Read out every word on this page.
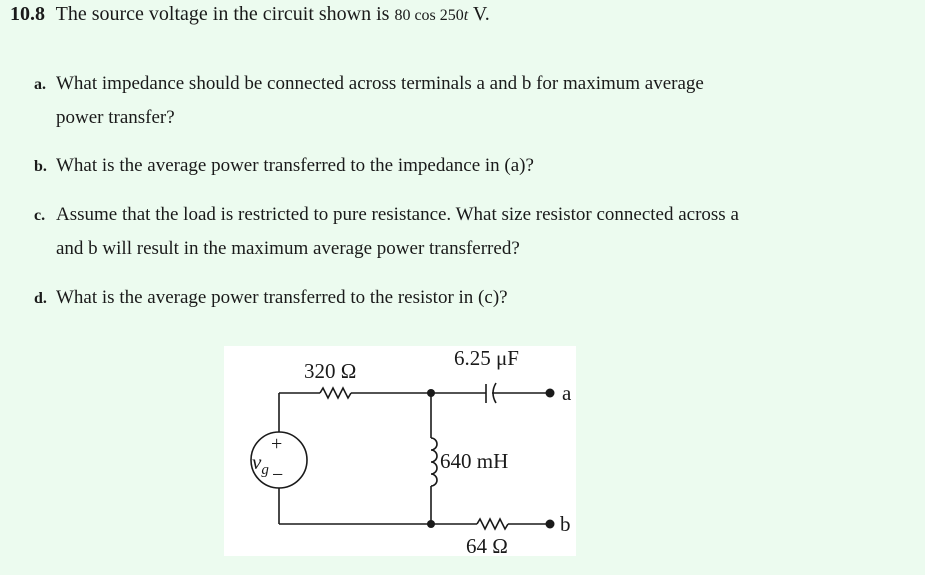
10.8 The source voltage in the circuit shown is 80 cos 250t V.
a. What impedance should be connected across terminals a and b for maximum average
power transfer?
b. What is the average power transferred to the impedance in (a)?
c. Assume that the load is restricted to pure resistance. What size resistor connected across a
and b will result in the maximum average power transferred?
d. What is the average power transferred to the resistor in (c)?
$v_g$
+
−
320 Ω
6.25 μF
640 mH
64 Ω
a
b
